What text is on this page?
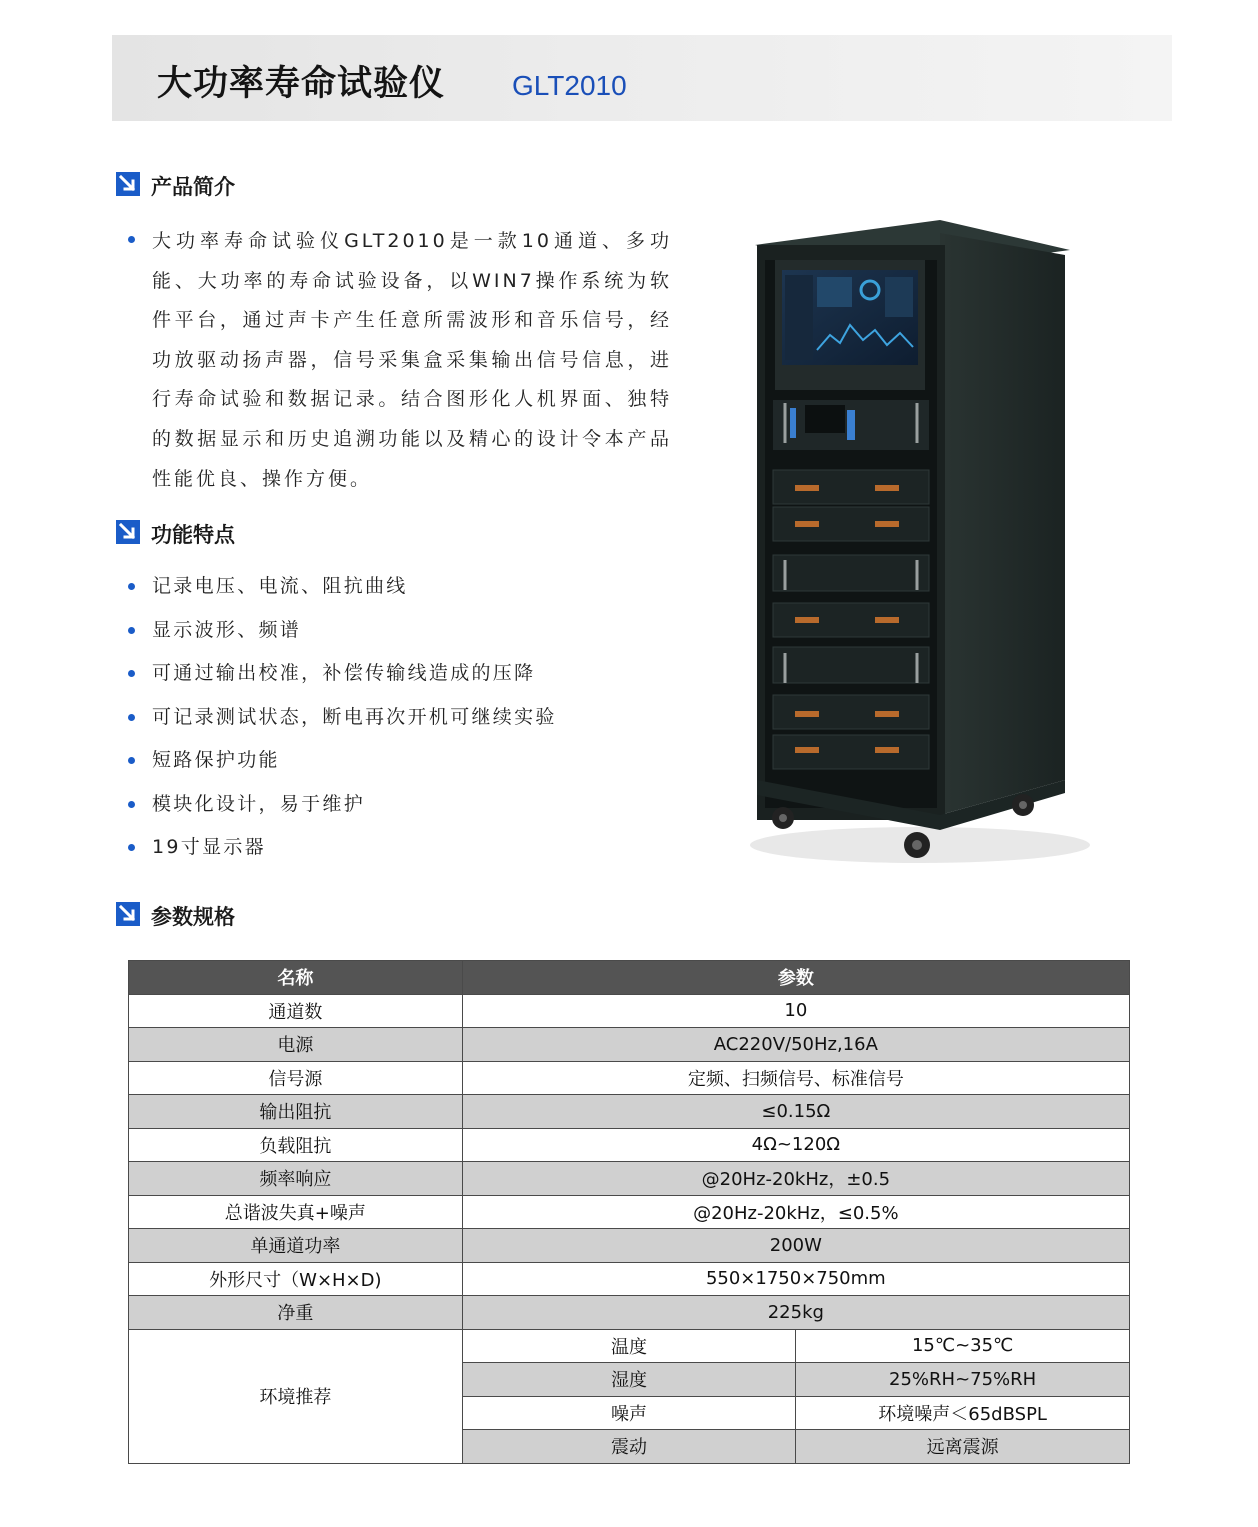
大功率寿命试验仪 GLT2010
产品简介
大功率寿命试验仪GLT2010是一款10通道、多功能、大功率的寿命试验设备，以WIN7操作系统为软件平台，通过声卡产生任意所需波形和音乐信号，经功放驱动扬声器，信号采集盒采集输出信号信息，进行寿命试验和数据记录。结合图形化人机界面、独特的数据显示和历史追溯功能以及精心的设计令本产品性能优良、操作方便。
功能特点
记录电压、电流、阻抗曲线
显示波形、频谱
可通过输出校准，补偿传输线造成的压降
可记录测试状态，断电再次开机可继续实验
短路保护功能
模块化设计，易于维护
19寸显示器
参数规格
名称	参数	
通道数	10	
电源	AC220V/50Hz,16A	
信号源	定频、扫频信号、标准信号	
输出阻抗	≤0.15Ω	
负载阻抗	4Ω~120Ω	
频率响应	@20Hz-20kHz，±0.5	
总谐波失真+噪声	@20Hz-20kHz，≤0.5%	
单通道功率	200W	
外形尺寸（W×H×D)	550×1750×750mm	
净重	225kg	
环境推荐	温度	15℃~35℃
	湿度	25%RH~75%RH
	噪声	环境噪声＜65dBSPL
	震动	远离震源
